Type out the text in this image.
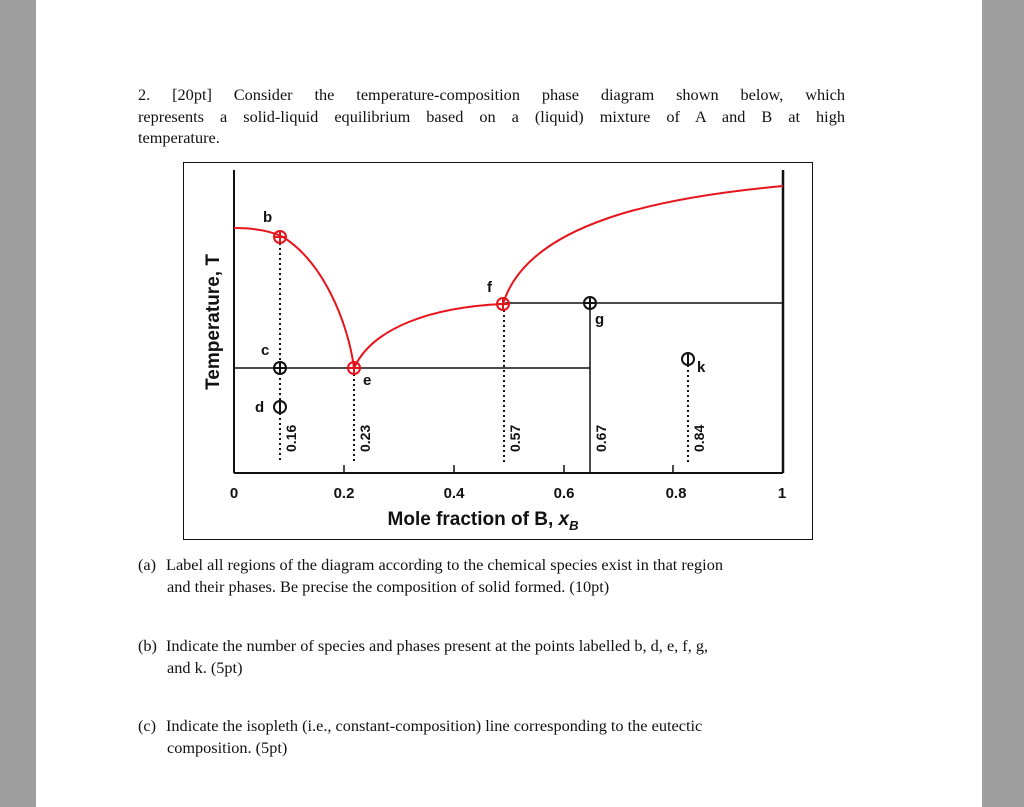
2. [20pt] Consider the temperature-composition phase diagram shown below, which
represents a solid-liquid equilibrium based on a (liquid) mixture of A and B at high
temperature.
0	0.2	0.4	0.6	0.8	1
Mole fraction of B, $x_B$
Temperature, T
0.16	0.23	0.57	0.67	0.84
b
c
d
e
f
g
k
(a) Label all regions of the diagram according to the chemical species exist in that region
and their phases. Be precise the composition of solid formed. (10pt)
(b) Indicate the number of species and phases present at the points labelled b, d, e, f, g,
and k. (5pt)
(c) Indicate the isopleth (i.e., constant-composition) line corresponding to the eutectic
composition. (5pt)
